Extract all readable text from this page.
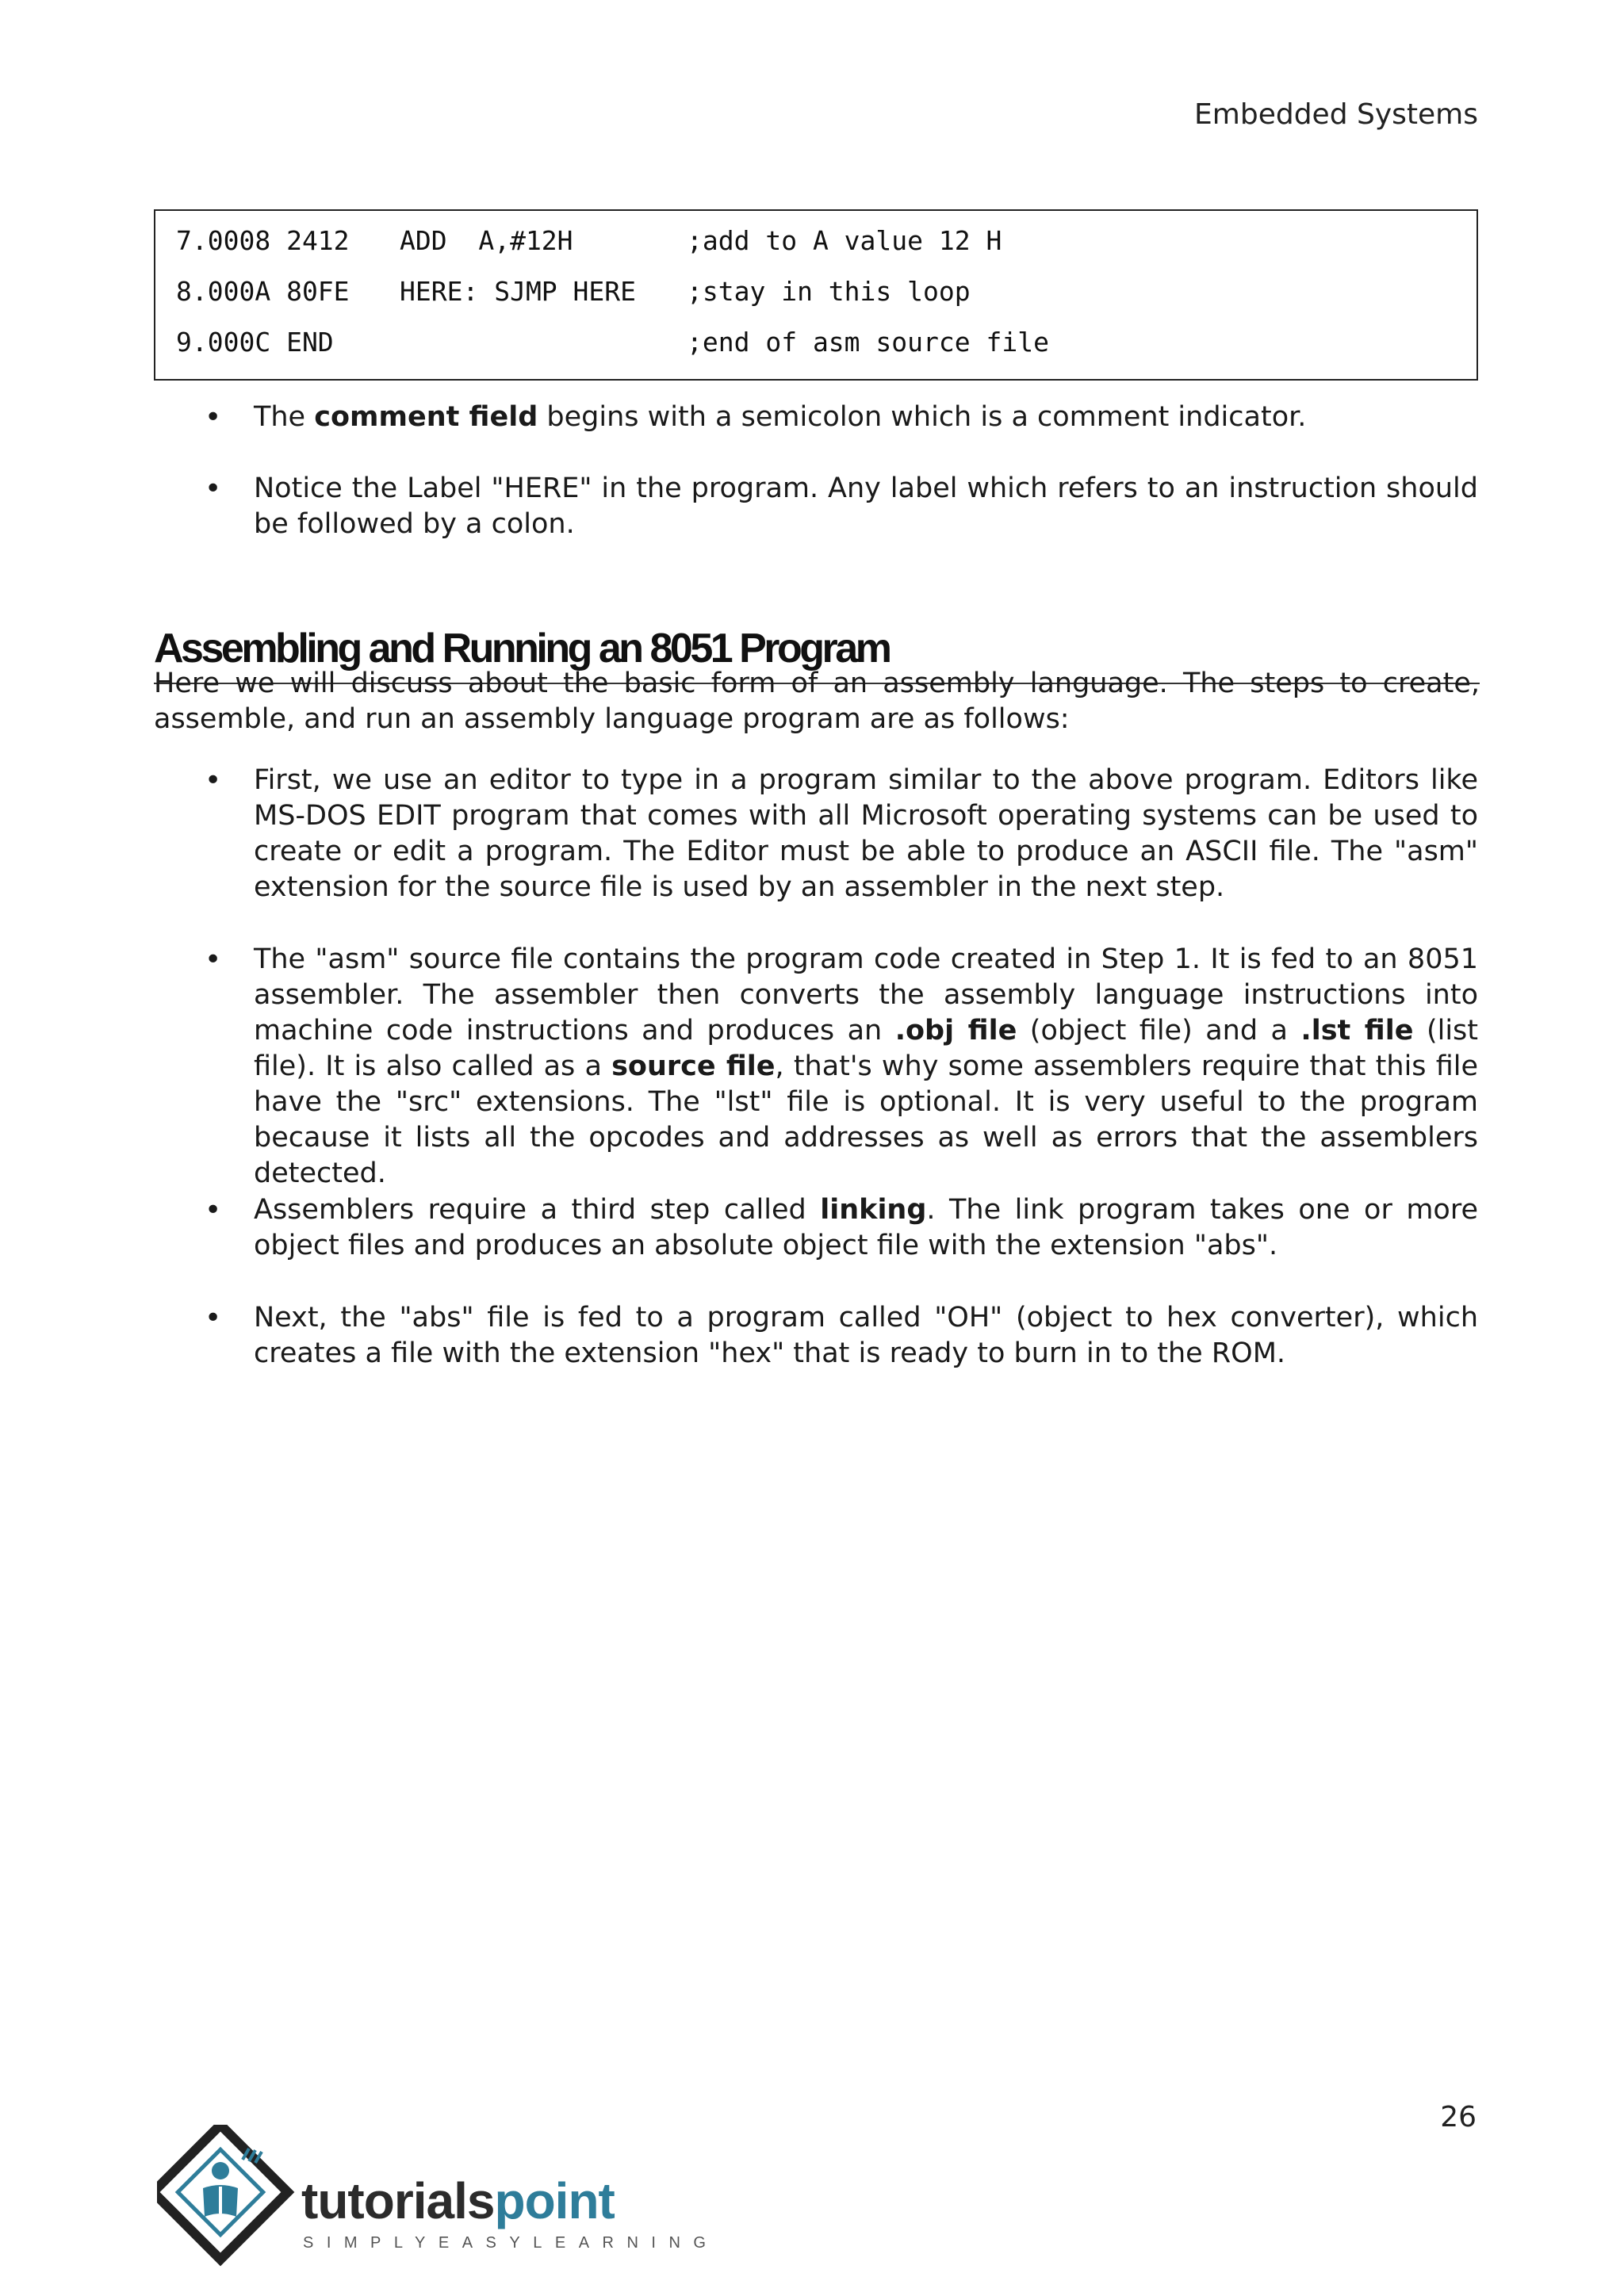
Embedded Systems

7.0008 2412

ADD  A,#12H

	;add to A value 12 H

8.000A 80FE

HERE: SJMP HERE

;stay in this loop

9.000C END

	;end of asm source file

• The comment field begins with a semicolon which is a comment indicator.
• Notice the Label "HERE" in the program. Any label which refers to an instruction should be followed by a colon.
Assembling and Running an 8051 Program

Here we will discuss about the basic form of an assembly language. The steps to create, assemble, and run an assembly language program are as follows:

• First, we use an editor to type in a program similar to the above program. Editors like MS-DOS EDIT program that comes with all Microsoft operating systems can be used to create or edit a program. The Editor must be able to produce an ASCII file. The "asm" extension for the source file is used by an assembler in the next step.
• The "asm" source file contains the program code created in Step 1. It is fed to an 8051 assembler. The assembler then converts the assembly language instructions into machine code instructions and produces an .obj file (object file) and a .lst file (list file). It is also called as a source file, that's why some assemblers require that this file have the "src" extensions. The "lst" file is optional. It is very useful to the program because it lists all the opcodes and addresses as well as errors that the assemblers detected.
• Assemblers require a third step called linking. The link program takes one or more object files and produces an absolute object file with the extension "abs".
• Next, the "abs" file is fed to a program called "OH" (object to hex converter), which creates a file with the extension "hex" that is ready to burn in to the ROM.
26
tutorialspoint
SIMPLYEASYLEARNING
